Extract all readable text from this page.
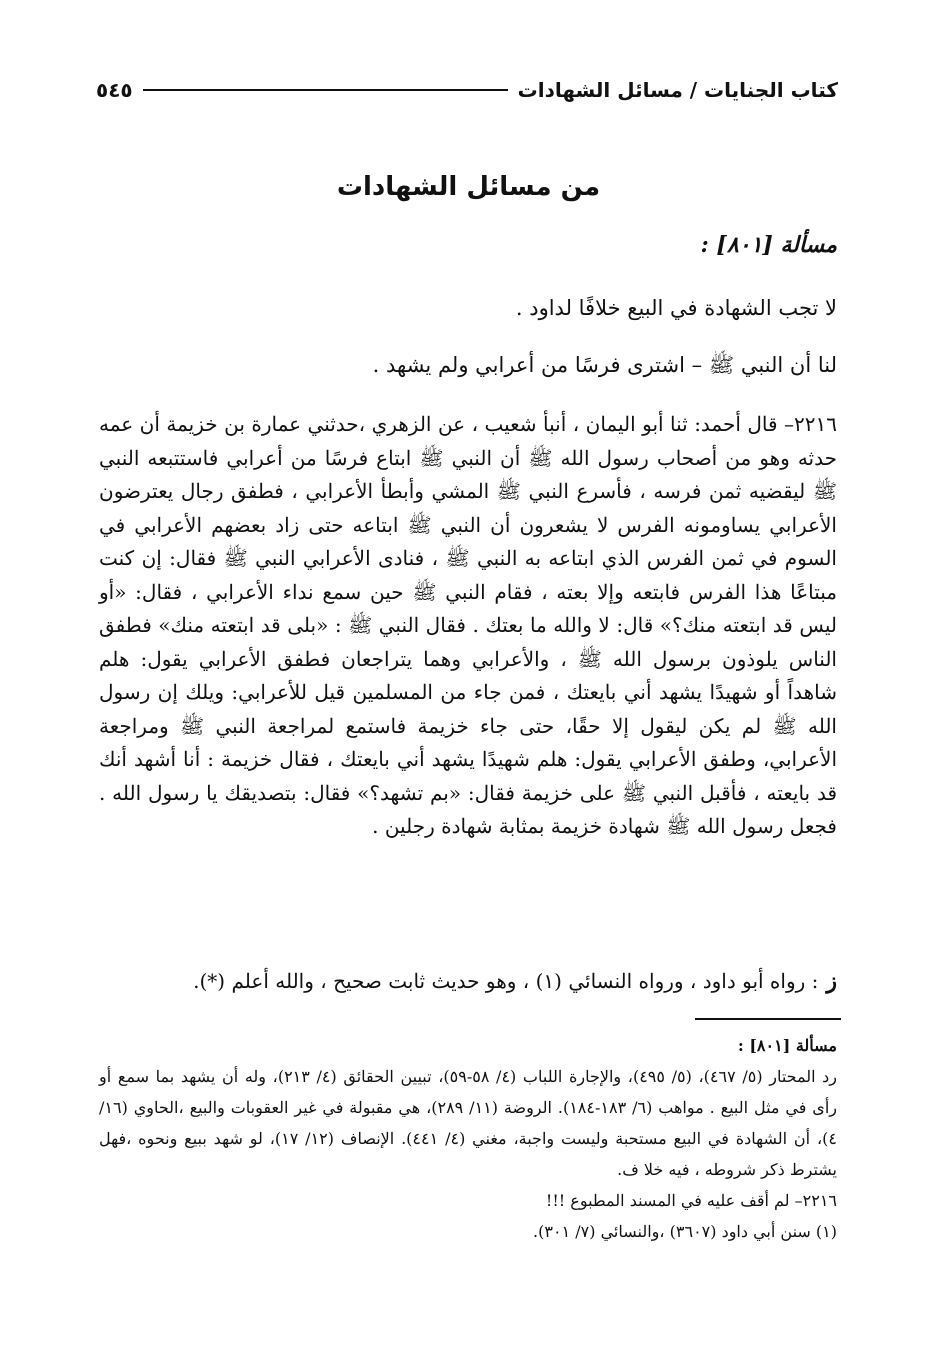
كتاب الجنايات / مسائل الشهادات
٥٤٥
من مسائل الشهادات
مسألة [٨٠١] :
لا تجب الشهادة في البيع خلافًا لداود .
لنا أن النبي ﷺ – اشترى فرسًا من أعرابي ولم يشهد .
٢٢١٦– قال أحمد: ثنا أبو اليمان ، أنبأ شعيب ، عن الزهري ،حدثني عمارة بن خزيمة أن عمه حدثه وهو من أصحاب رسول الله ﷺ أن النبي ﷺ ابتاع فرسًا من أعرابي فاستتبعه النبي ﷺ ليقضيه ثمن فرسه ، فأسرع النبي ﷺ المشي وأبطأ الأعرابي ، فطفق رجال يعترضون الأعرابي يساومونه الفرس لا يشعرون أن النبي ﷺ ابتاعه حتى زاد بعضهم الأعرابي في السوم في ثمن الفرس الذي ابتاعه به النبي ﷺ ، فنادى الأعرابي النبي ﷺ فقال: إن كنت مبتاعًا هذا الفرس فابتعه وإلا بعته ، فقام النبي ﷺ حين سمع نداء الأعرابي ، فقال: «أو ليس قد ابتعته منك؟» قال: لا والله ما بعتك . فقال النبي ﷺ : «بلى قد ابتعته منك» فطفق الناس يلوذون برسول الله ﷺ ، والأعرابي وهما يتراجعان فطفق الأعرابي يقول: هلم شاهداً أو شهيدًا يشهد أني بايعتك ، فمن جاء من المسلمين قيل للأعرابي: ويلك إن رسول الله ﷺ لم يكن ليقول إلا حقًا، حتى جاء خزيمة فاستمع لمراجعة النبي ﷺ ومراجعة الأعرابي، وطفق الأعرابي يقول: هلم شهيدًا يشهد أني بايعتك ، فقال خزيمة : أنا أشهد أنك قد بايعته ، فأقبل النبي ﷺ على خزيمة فقال: «بم تشهد؟» فقال: بتصديقك يا رسول الله . فجعل رسول الله ﷺ شهادة خزيمة بمثابة شهادة رجلين .
ز: رواه أبو داود ، ورواه النسائي (١) ، وهو حديث ثابت صحيح ، والله أعلم (*).

مسألة [٨٠١] :

رد المحتار (٥/ ٤٦٧)، (٥/ ٤٩٥)، والإجارة اللباب (٤/ ٥٨-٥٩)، تبيين الحقائق (٤/ ٢١٣)، وله أن يشهد بما سمع أو رأى في مثل البيع . مواهب (٦/ ١٨٣-١٨٤). الروضة (١١/ ٢٨٩)، هي مقبولة في غير العقوبات والبيع ،الحاوي (١٦/ ٤)، أن الشهادة في البيع مستحبة وليست واجبة، مغني (٤/ ٤٤١). الإنصاف (١٢/ ١٧)، لو شهد ببيع ونحوه ،فهل يشترط ذكر شروطه ، فيه خلا ف.

٢٢١٦– لم أقف عليه في المسند المطبوع !!!

(١) سنن أبي داود (٣٦٠٧) ،والنسائي (٧/ ٣٠١).
